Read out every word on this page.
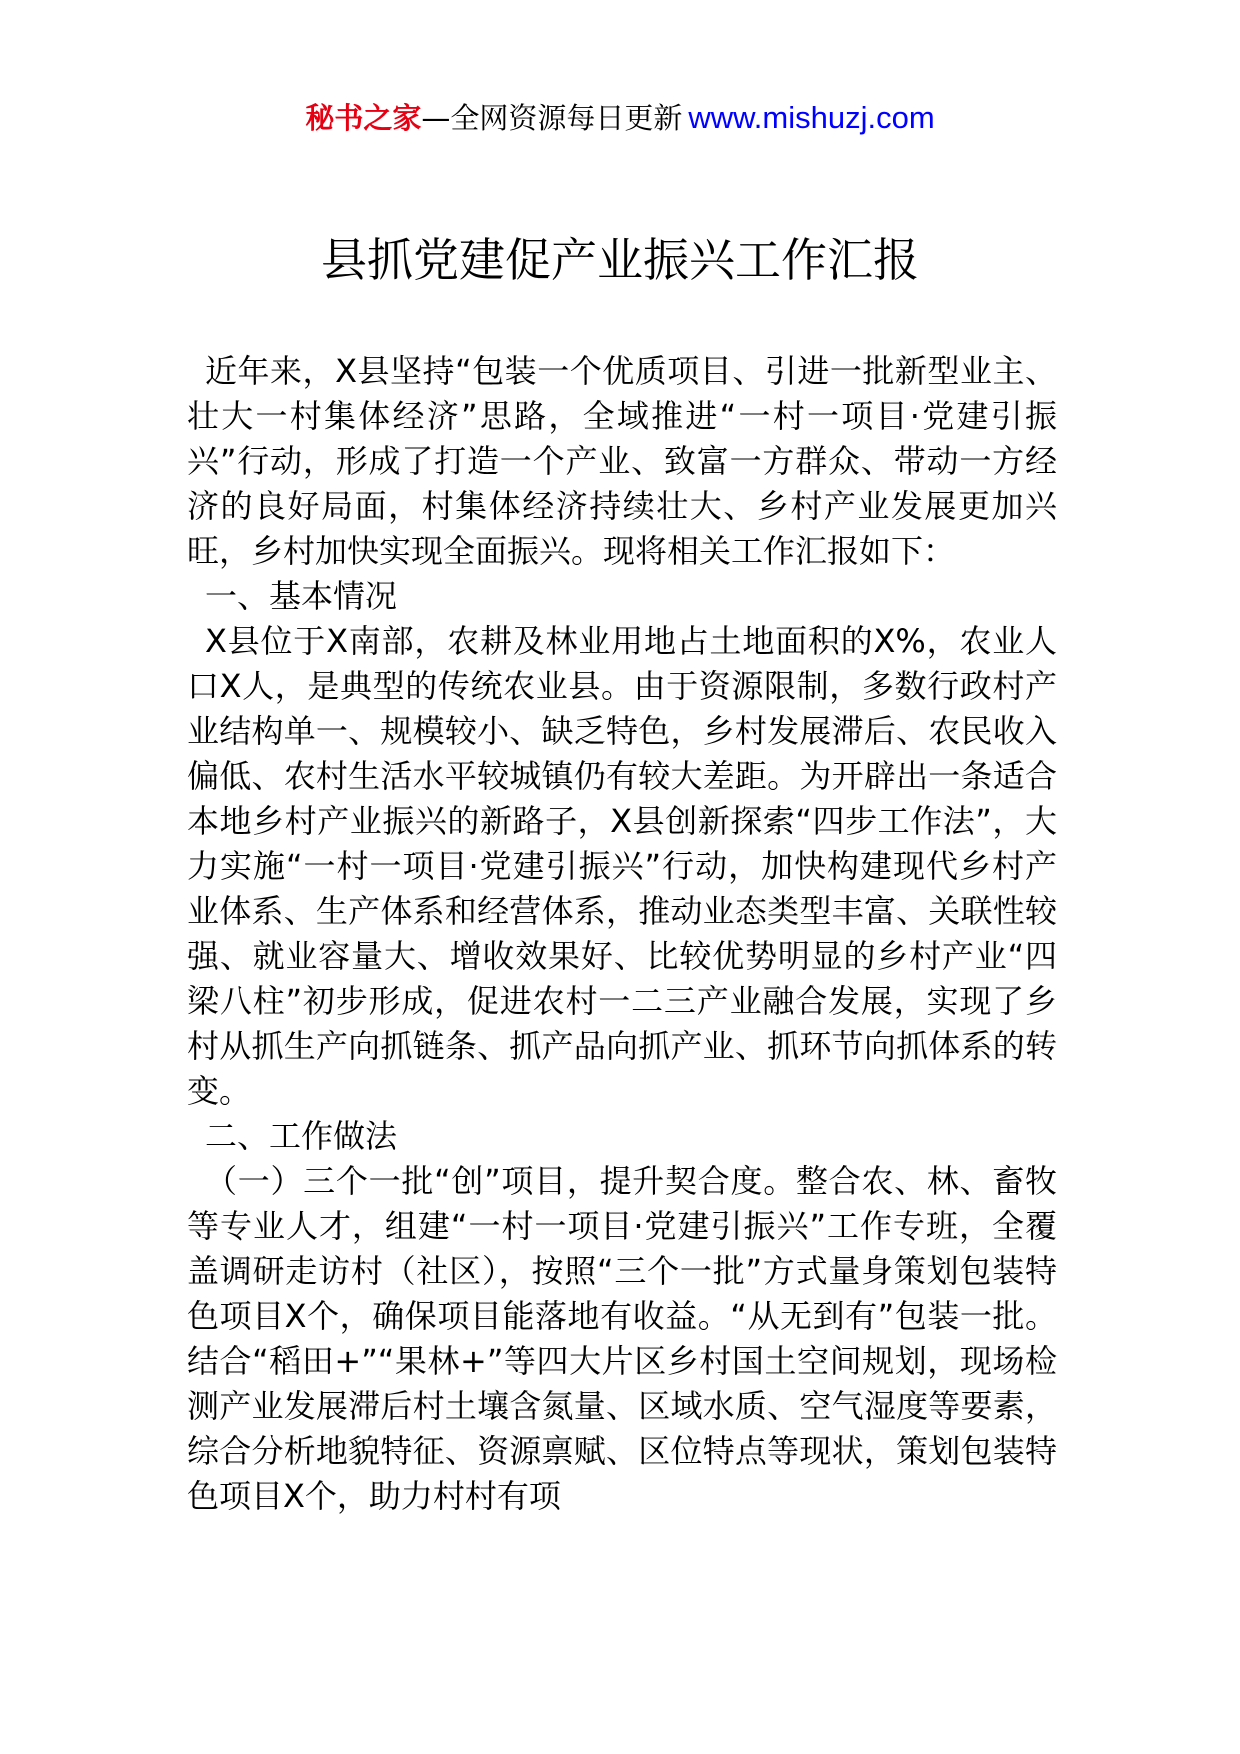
秘书之家—全网资源每日更新 www.mishuzj.com
县抓党建促产业振兴工作汇报

近年来，X县坚持“包装一个优质项目、引进一批新型业主、壮大一村集体经济”思路，全域推进“一村一项目·党建引振兴”行动，形成了打造一个产业、致富一方群众、带动一方经济的良好局面，村集体经济持续壮大、乡村产业发展更加兴旺，乡村加快实现全面振兴。现将相关工作汇报如下：

一、基本情况

X县位于X南部，农耕及林业用地占土地面积的X%，农业人口X人，是典型的传统农业县。由于资源限制，多数行政村产业结构单一、规模较小、缺乏特色，乡村发展滞后、农民收入偏低、农村生活水平较城镇仍有较大差距。为开辟出一条适合本地乡村产业振兴的新路子，X县创新探索“四步工作法”，大力实施“一村一项目·党建引振兴”行动，加快构建现代乡村产业体系、生产体系和经营体系，推动业态类型丰富、关联性较强、就业容量大、增收效果好、比较优势明显的乡村产业“四梁八柱”初步形成，促进农村一二三产业融合发展，实现了乡村从抓生产向抓链条、抓产品向抓产业、抓环节向抓体系的转变。

二、工作做法

（一）三个一批“创”项目，提升契合度。整合农、林、畜牧等专业人才，组建“一村一项目·党建引振兴”工作专班，全覆盖调研走访村（社区），按照“三个一批”方式量身策划包装特色项目X个，确保项目能落地有收益。“从无到有”包装一批。结合“稻田+”“果林+”等四大片区乡村国土空间规划，现场检测产业发展滞后村土壤含氮量、区域水质、空气湿度等要素，综合分析地貌特征、资源禀赋、区位特点等现状，策划包装特色项目X个，助力村村有项
